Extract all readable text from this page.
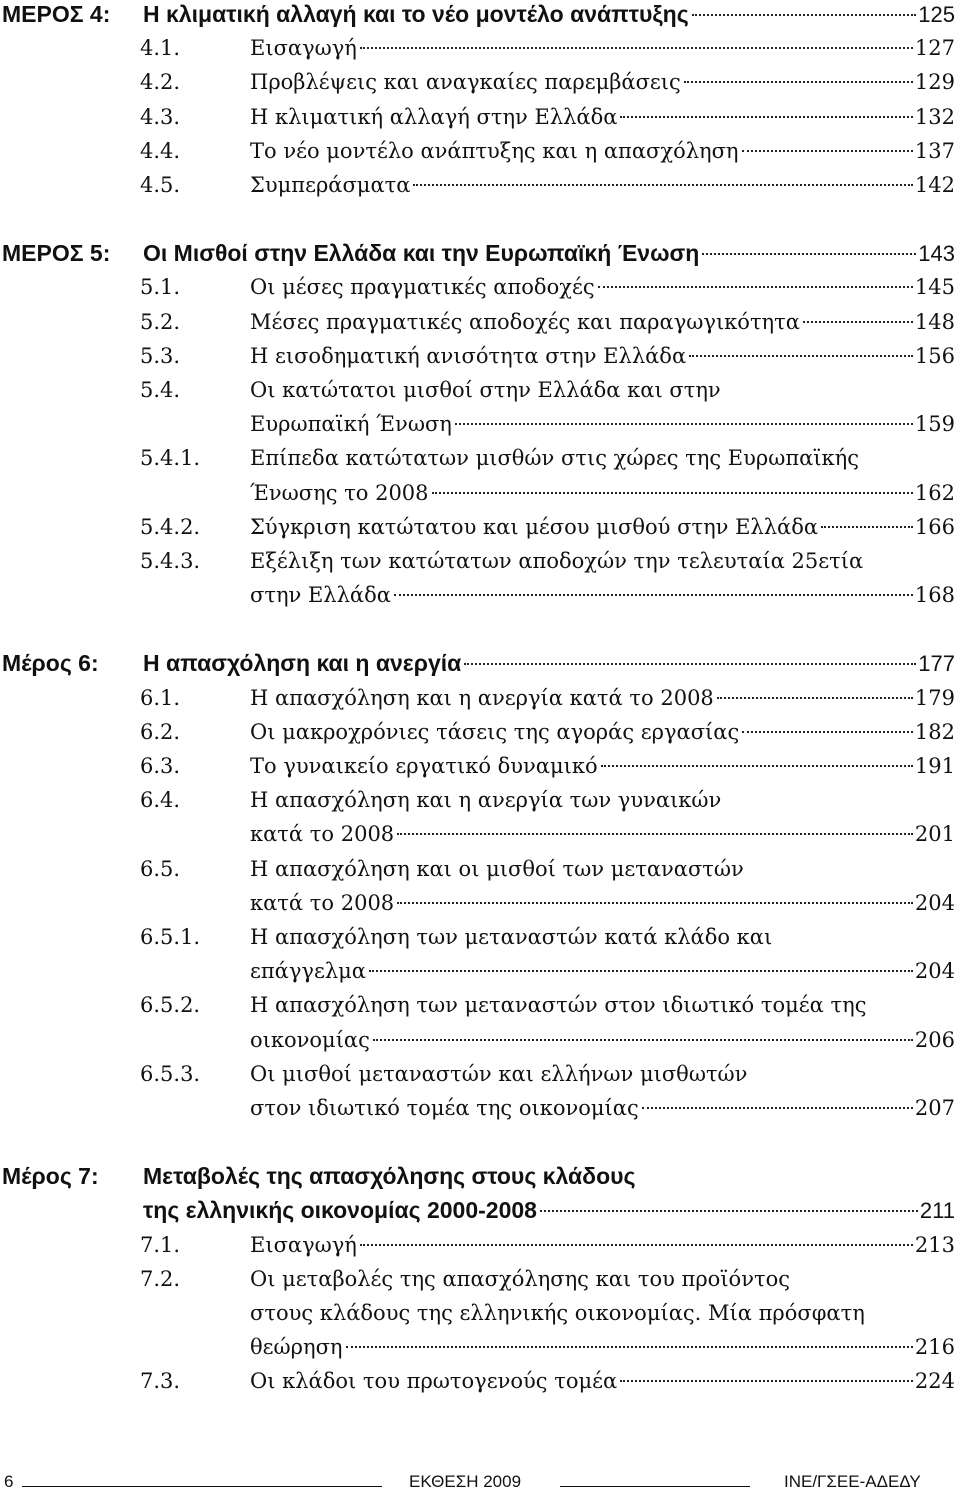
ΜΕΡΟΣ 4: Η κλιματική αλλαγή και το νέο μοντέλο ανάπτυξης	125
4.1.	Εισαγωγή	127
4.2.	Προβλέψεις και αναγκαίες παρεμβάσεις	129
4.3.	Η κλιματική αλλαγή στην Ελλάδα	132
4.4.	Το νέο μοντέλο ανάπτυξης και η απασχόληση	137
4.5.	Συμπεράσματα	142
ΜΕΡΟΣ 5: Οι Μισθοί στην Ελλάδα και την Ευρωπαϊκή Ένωση	143
5.1.	Οι μέσες πραγματικές αποδοχές	145
5.2.	Μέσες πραγματικές αποδοχές και παραγωγικότητα	148
5.3.	Η εισοδηματική ανισότητα στην Ελλάδα	156
5.4.	Οι κατώτατοι μισθοί στην Ελλάδα και στην
Ευρωπαϊκή Ένωση	159
5.4.1. Επίπεδα κατώτατων μισθών στις χώρες της Ευρωπαϊκής
Ένωσης το 2008	162
5.4.2. Σύγκριση κατώτατου και μέσου μισθού στην Ελλάδα	166
5.4.3. Εξέλιξη των κατώτατων αποδοχών την τελευταία 25ετία
στην Ελλάδα	168
Μέρος 6: Η απασχόληση και η ανεργία	177
6.1.	Η απασχόληση και η ανεργία κατά το 2008	179
6.2.	Οι μακροχρόνιες τάσεις της αγοράς εργασίας	182
6.3.	Το γυναικείο εργατικό δυναμικό	191
6.4.	Η απασχόληση και η ανεργία των γυναικών
κατά το 2008	201
6.5.	Η απασχόληση και οι μισθοί των μεταναστών
κατά το 2008	204
6.5.1. Η απασχόληση των μεταναστών κατά κλάδο και
επάγγελμα	204
6.5.2. Η απασχόληση των μεταναστών στον ιδιωτικό τομέα της
οικονομίας	206
6.5.3. Οι μισθοί μεταναστών και ελλήνων μισθωτών
στον ιδιωτικό τομέα της οικονομίας	207
Μέρος 7: Μεταβολές της απασχόλησης στους κλάδους
της ελληνικής οικονομίας 2000-2008	211
7.1.	Εισαγωγή	213
7.2.	Οι μεταβολές της απασχόλησης και του προϊόντος
στους κλάδους της ελληνικής οικονομίας. Μία πρόσφατη
θεώρηση	216
7.3.	Οι κλάδοι του πρωτογενούς τομέα	224
6	ΕΚΘΕΣΗ 2009	ΙΝΕ/ΓΣΕΕ-ΑΔΕΔΥ
